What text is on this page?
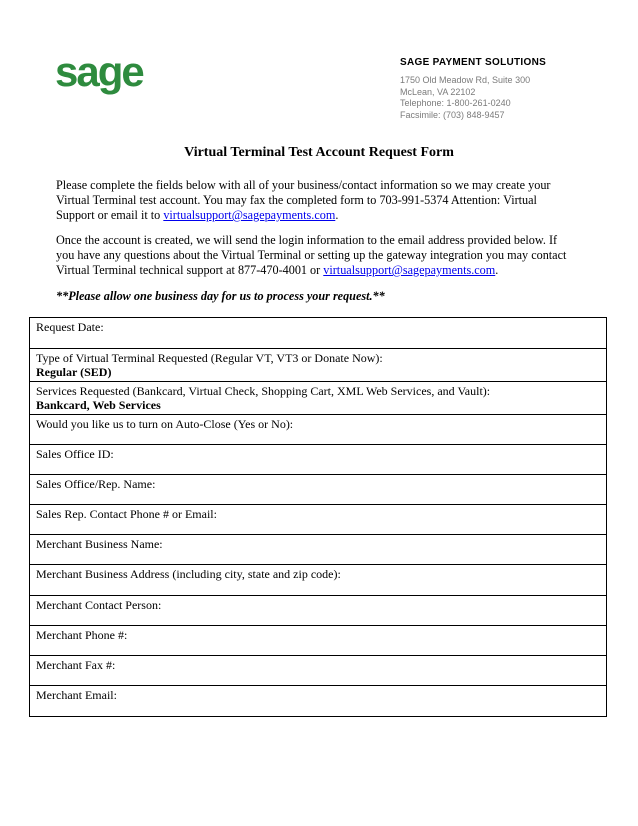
sage	SAGE PAYMENT SOLUTIONS
1750 Old Meadow Rd, Suite 300
McLean, VA 22102
Telephone: 1-800-261-0240
Facsimile: (703) 848-9457
Virtual Terminal Test Account Request Form
Please complete the fields below with all of your business/contact information so we may create your Virtual Terminal test account. You may fax the completed form to 703-991-5374 Attention: Virtual Support or email it to virtualsupport@sagepayments.com.
Once the account is created, we will send the login information to the email address provided below. If you have any questions about the Virtual Terminal or setting up the gateway integration you may contact Virtual Terminal technical support at 877-470-4001 or virtualsupport@sagepayments.com.
**Please allow one business day for us to process your request.**
Request Date:
Type of Virtual Terminal Requested (Regular VT, VT3 or Donate Now):
Regular (SED)

Services Requested (Bankcard, Virtual Check, Shopping Cart, XML Web Services, and Vault):
Bankcard, Web Services

Would you like us to turn on Auto-Close (Yes or No):
Sales Office ID:
Sales Office/Rep. Name:
Sales Rep. Contact Phone # or Email:
Merchant Business Name:
Merchant Business Address (including city, state and zip code):
Merchant Contact Person:
Merchant Phone #:
Merchant Fax #:
Merchant Email:
